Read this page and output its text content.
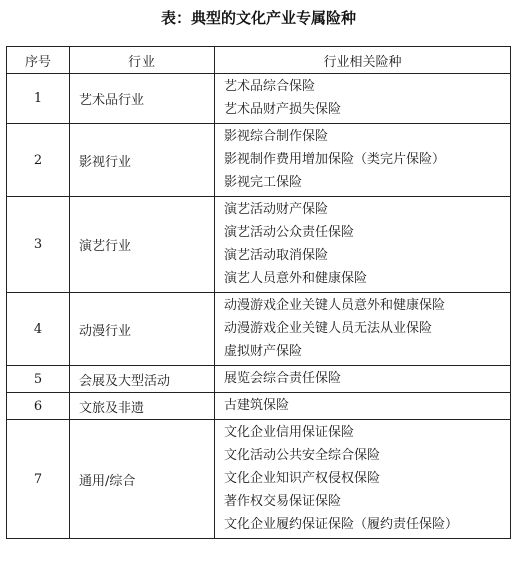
表：典型的文化产业专属险种
序号	行业	行业相关险种
1	艺术品行业	艺术品综合保险
艺术品财产损失保险

2	影视行业	影视综合制作保险
影视制作费用增加保险（类完片保险）
影视完工保险

3	演艺行业	演艺活动财产保险
演艺活动公众责任保险
演艺活动取消保险
演艺人员意外和健康保险

4	动漫行业	动漫游戏企业关键人员意外和健康保险
动漫游戏企业关键人员无法从业保险
虚拟财产保险

5	会展及大型活动	展览会综合责任保险

6	文旅及非遗	古建筑保险

7	通用/综合	文化企业信用保证保险
文化活动公共安全综合保险
文化企业知识产权侵权保险
著作权交易保证保险
文化企业履约保证保险（履约责任保险）
